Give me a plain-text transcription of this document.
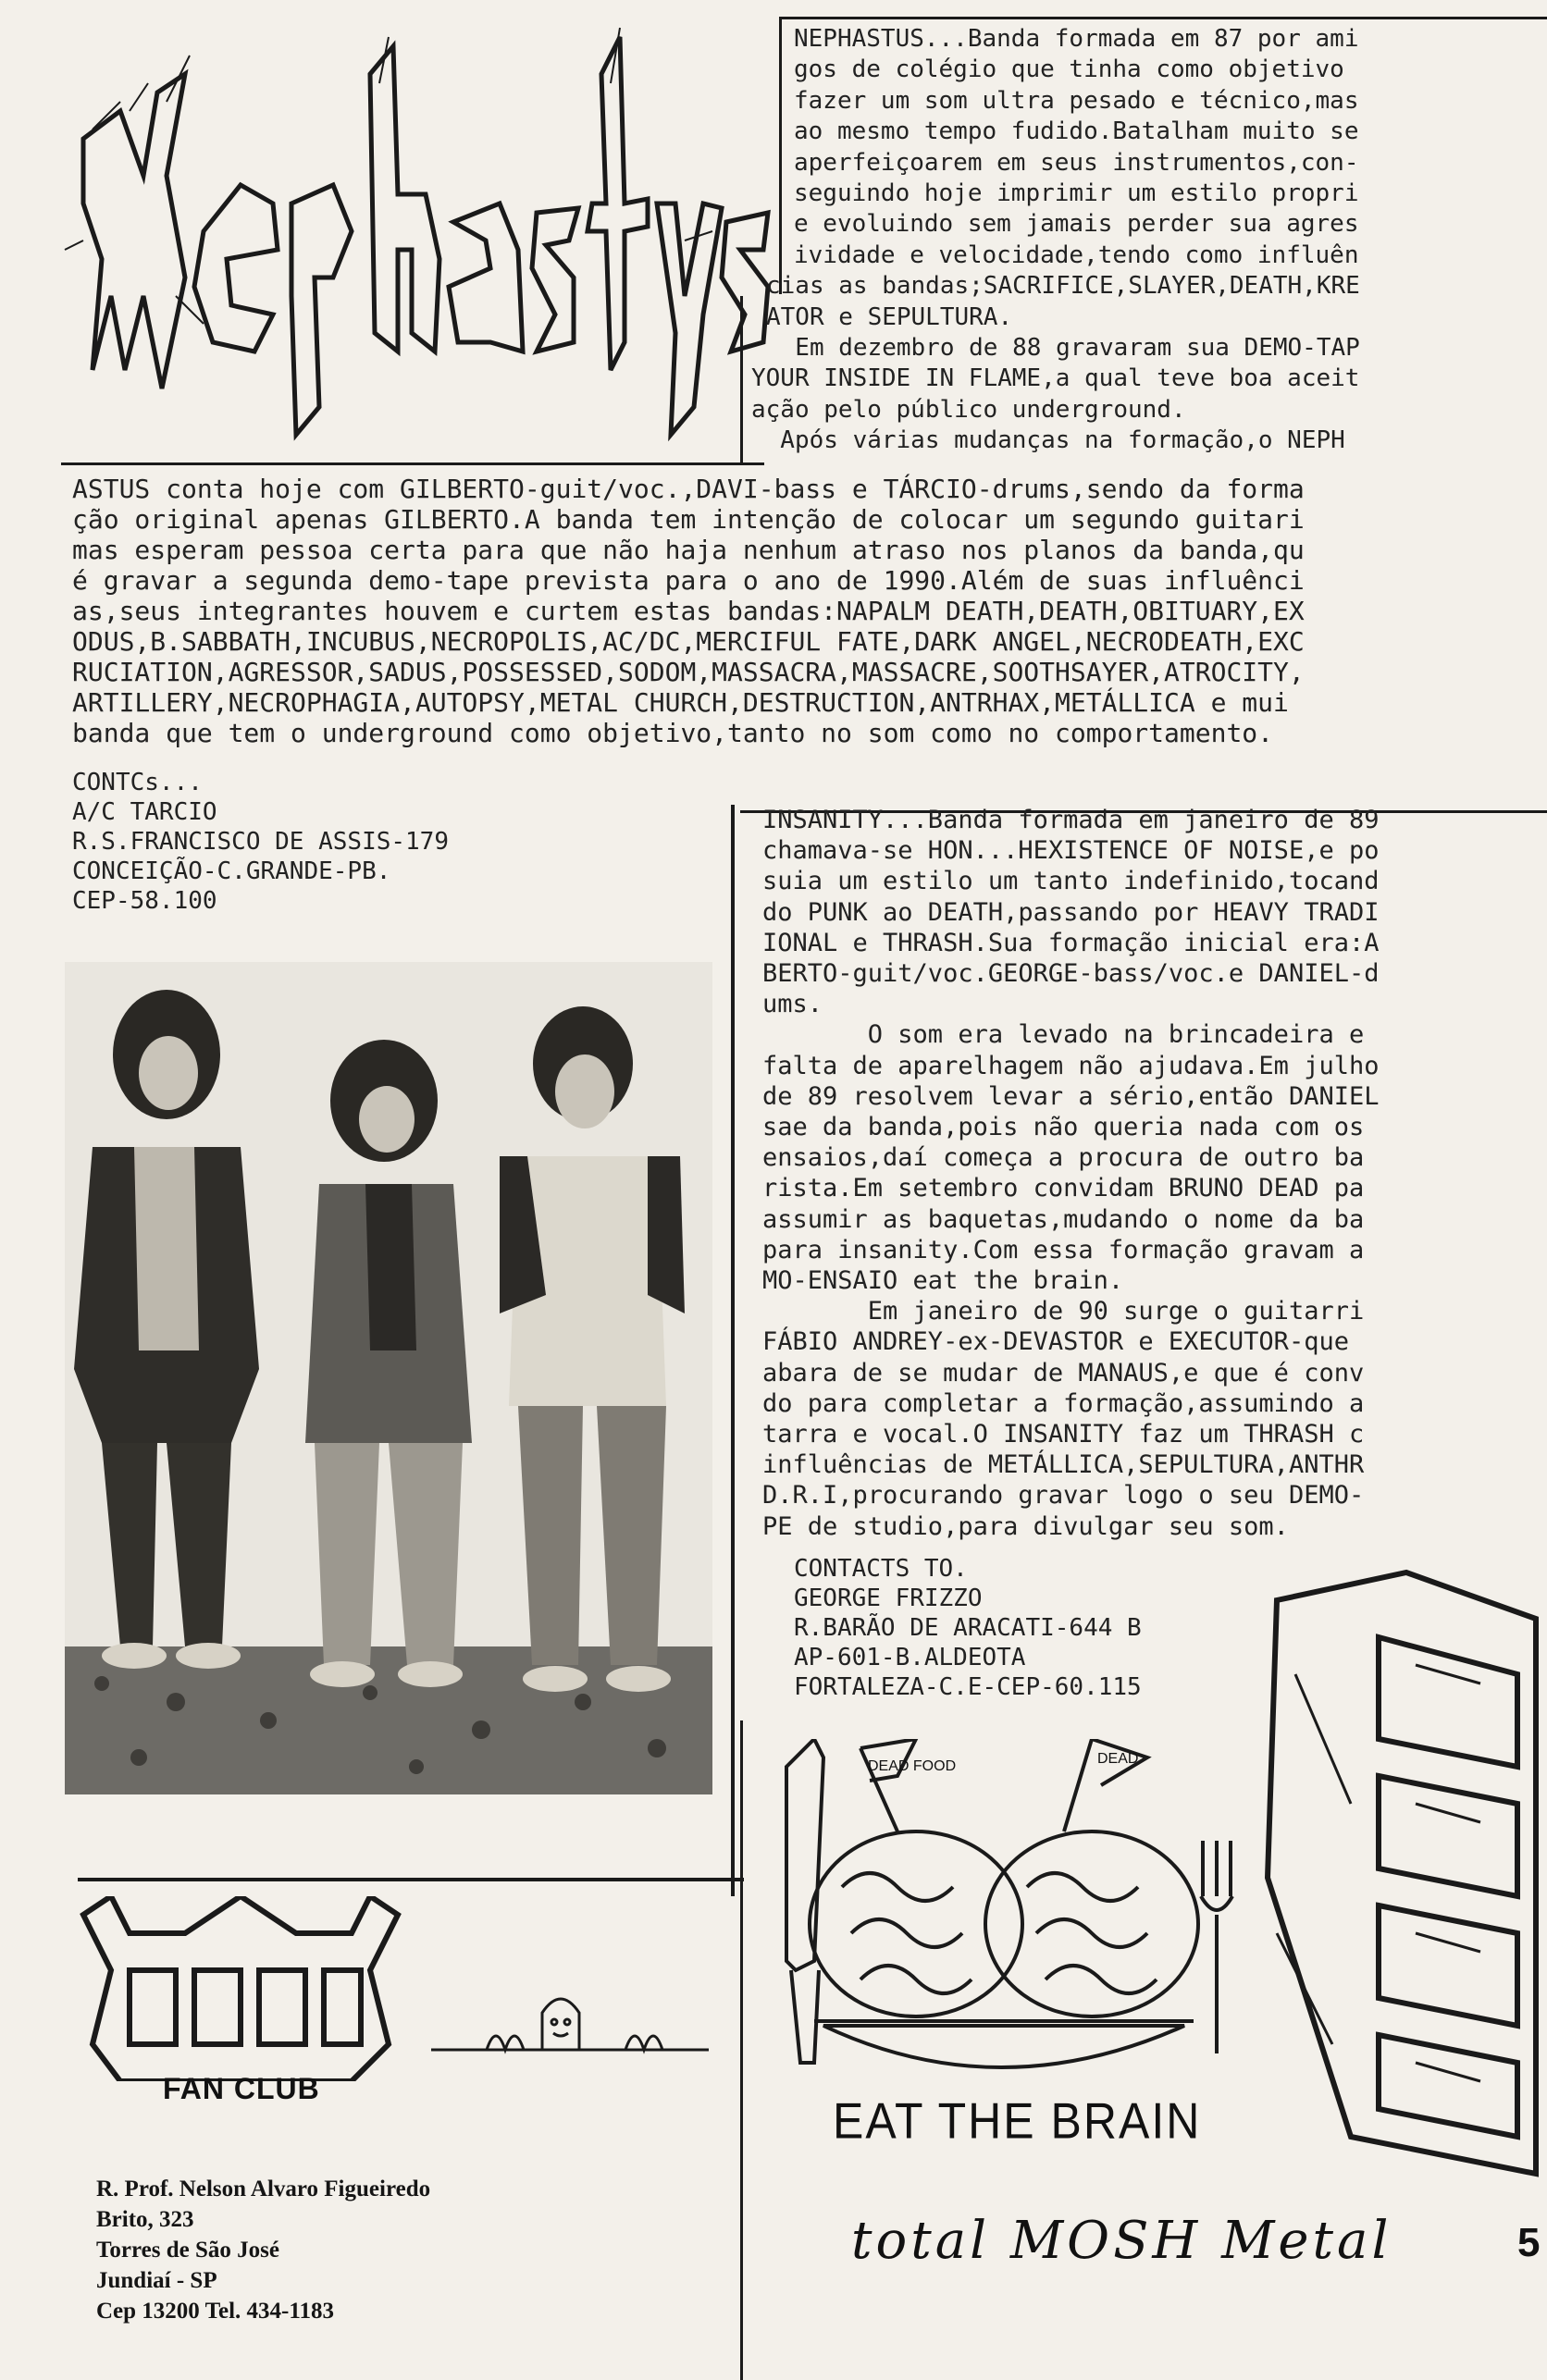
NEPHASTUS...Banda formada em 87 por ami
gos de colégio que tinha como objetivo
fazer um som ultra pesado e técnico,mas
ao mesmo tempo fudido.Batalham muito se
aperfeiçoarem em seus instrumentos,con-
seguindo hoje imprimir um estilo propri
e evoluindo sem jamais perder sua agres
ividade e velocidade,tendo como influên
cias as bandas;SACRIFICE,SLAYER,DEATH,KRE
ATOR e SEPULTURA.
Em dezembro de 88 gravaram sua DEMO-TAP
YOUR INSIDE IN FLAME,a qual teve boa aceit
ação pelo público underground.
Após várias mudanças na formação,o NEPH
ASTUS conta hoje com GILBERTO-guit/voc.,DAVI-bass e TÁRCIO-drums,sendo da forma
ção original apenas GILBERTO.A banda tem intenção de colocar um segundo guitari
mas esperam pessoa certa para que não haja nenhum atraso nos planos da banda,qu
é gravar a segunda demo-tape prevista para o ano de 1990.Além de suas influênci
as,seus integrantes houvem e curtem estas bandas:NAPALM DEATH,DEATH,OBITUARY,EX
ODUS,B.SABBATH,INCUBUS,NECROPOLIS,AC/DC,MERCIFUL FATE,DARK ANGEL,NECRODEATH,EXC
RUCIATION,AGRESSOR,SADUS,POSSESSED,SODOM,MASSACRA,MASSACRE,SOOTHSAYER,ATROCITY,
ARTILLERY,NECROPHAGIA,AUTOPSY,METAL CHURCH,DESTRUCTION,ANTRHAX,METÁLLICA e mui
banda que tem o underground como objetivo,tanto no som como no comportamento.
CONTCs...
A/C TARCIO
R.S.FRANCISCO DE ASSIS-179
CONCEIÇÃO-C.GRANDE-PB.
CEP-58.100
INSANITY...Banda formada em janeiro de 89
chamava-se HON...HEXISTENCE OF NOISE,e po
suia um estilo um tanto indefinido,tocand
do PUNK ao DEATH,passando por HEAVY TRADI
IONAL e THRASH.Sua formação inicial era:A
BERTO-guit/voc.GEORGE-bass/voc.e DANIEL-d
ums.
O som era levado na brincadeira e
falta de aparelhagem não ajudava.Em julho
de 89 resolvem levar a sério,então DANIEL
sae da banda,pois não queria nada com os
ensaios,daí começa a procura de outro ba
rista.Em setembro convidam BRUNO DEAD pa
assumir as baquetas,mudando o nome da ba
para insanity.Com essa formação gravam a
MO-ENSAIO eat the brain.
Em janeiro de 90 surge o guitarri
FÁBIO ANDREY-ex-DEVASTOR e EXECUTOR-que
abara de se mudar de MANAUS,e que é conv
do para completar a formação,assumindo a
tarra e vocal.O INSANITY faz um THRASH c
influências de METÁLLICA,SEPULTURA,ANTHR
D.R.I,procurando gravar logo o seu DEMO-
PE de studio,para divulgar seu som.
CONTACTS TO.
GEORGE FRIZZO
R.BARÃO DE ARACATI-644 B
AP-601-B.ALDEOTA
FORTALEZA-C.E-CEP-60.115
DEAD FOOD	DEAD
EAT THE BRAIN
total MOSH Metal	5
FAN CLUB
R. Prof. Nelson Alvaro Figueiredo Brito, 323
Torres de São José
Jundiaí - SP
Cep 13200 Tel. 434-1183
